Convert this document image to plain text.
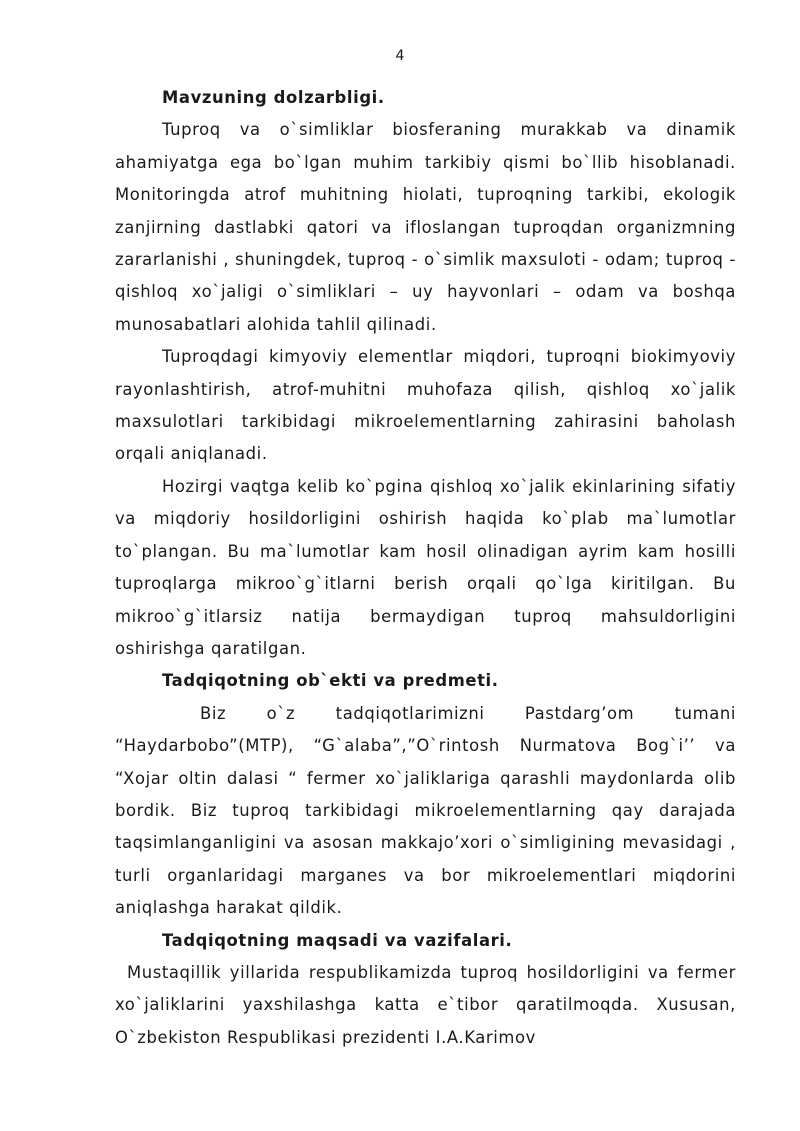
4

Mavzuning dolzarbligi.

Tuproq va o`simliklar biosferaning murakkab va dinamik ahamiyatga ega bo`lgan muhim tarkibiy qismi bo`llib hisoblanadi. Monitoringda atrof muhitning hiolati, tuproqning tarkibi, ekologik zanjirning dastlabki qatori va ifloslangan tuproqdan organizmning zararlanishi , shuningdek, tuproq - o`simlik maxsuloti - odam; tuproq - qishloq xo`jaligi o`simliklari – uy hayvonlari – odam va boshqa munosabatlari alohida tahlil qilinadi.

Tuproqdagi kimyoviy elementlar miqdori, tuproqni biokimyoviy rayonlashtirish, atrof-muhitni muhofaza qilish, qishloq xo`jalik maxsulotlari tarkibidagi mikroelementlarning zahirasini baholash orqali aniqlanadi.

Hozirgi vaqtga kelib ko`pgina qishloq xo`jalik ekinlarining sifatiy va miqdoriy hosildorligini oshirish haqida ko`plab ma`lumotlar to`plangan. Bu ma`lumotlar kam hosil olinadigan ayrim kam hosilli tuproqlarga mikroo`g`itlarni berish orqali qo`lga kiritilgan. Bu mikroo`g`itlarsiz natija bermaydigan tuproq mahsuldorligini oshirishga qaratilgan.

Tadqiqotning ob`ekti va predmeti.

Biz o`z tadqiqotlarimizni Pastdarg’om tumani “Haydarbobo”(MTP), “G`alaba”,”O`rintosh Nurmatova Bog`i’’ va “Xojar oltin dalasi “ fermer xo`jaliklariga qarashli maydonlarda olib bordik. Biz tuproq tarkibidagi mikroelementlarning qay darajada taqsimlanganligini va asosan makkajo’xori o`simligining mevasidagi , turli organlaridagi marganes va bor mikroelementlari miqdorini aniqlashga harakat qildik.

Tadqiqotning maqsadi va vazifalari.

Mustaqillik yillarida respublikamizda tuproq hosildorligini va fermer xo`jaliklarini yaxshilashga katta e`tibor qaratilmoqda. Xususan, O`zbekiston Respublikasi prezidenti I.A.Karimov
